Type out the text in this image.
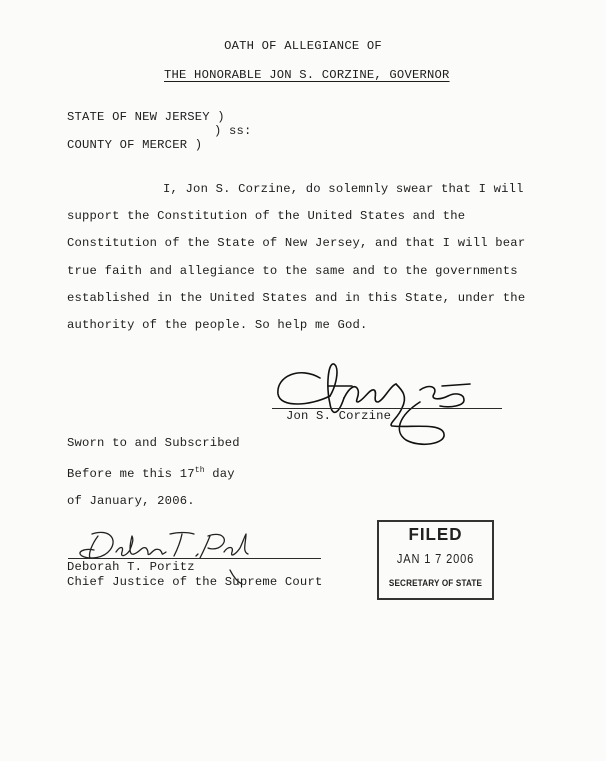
OATH OF ALLEGIANCE OF
THE HONORABLE JON S. CORZINE, GOVERNOR
STATE OF NEW JERSEY )
) ss:
COUNTY OF MERCER )

I, Jon S. Corzine, do solemnly swear that I will support the Constitution of the United States and the Constitution of the State of New Jersey, and that I will bear true faith and allegiance to the same and to the governments established in the United States and in this State, under the authority of the people. So help me God.

Jon S. Corzine
Sworn to and Subscribed
Before me this 17th day
of January, 2006.
Deborah T. Poritz
Chief Justice of the Supreme Court
FILED
JAN 1 7 2006
SECRETARY OF STATE
